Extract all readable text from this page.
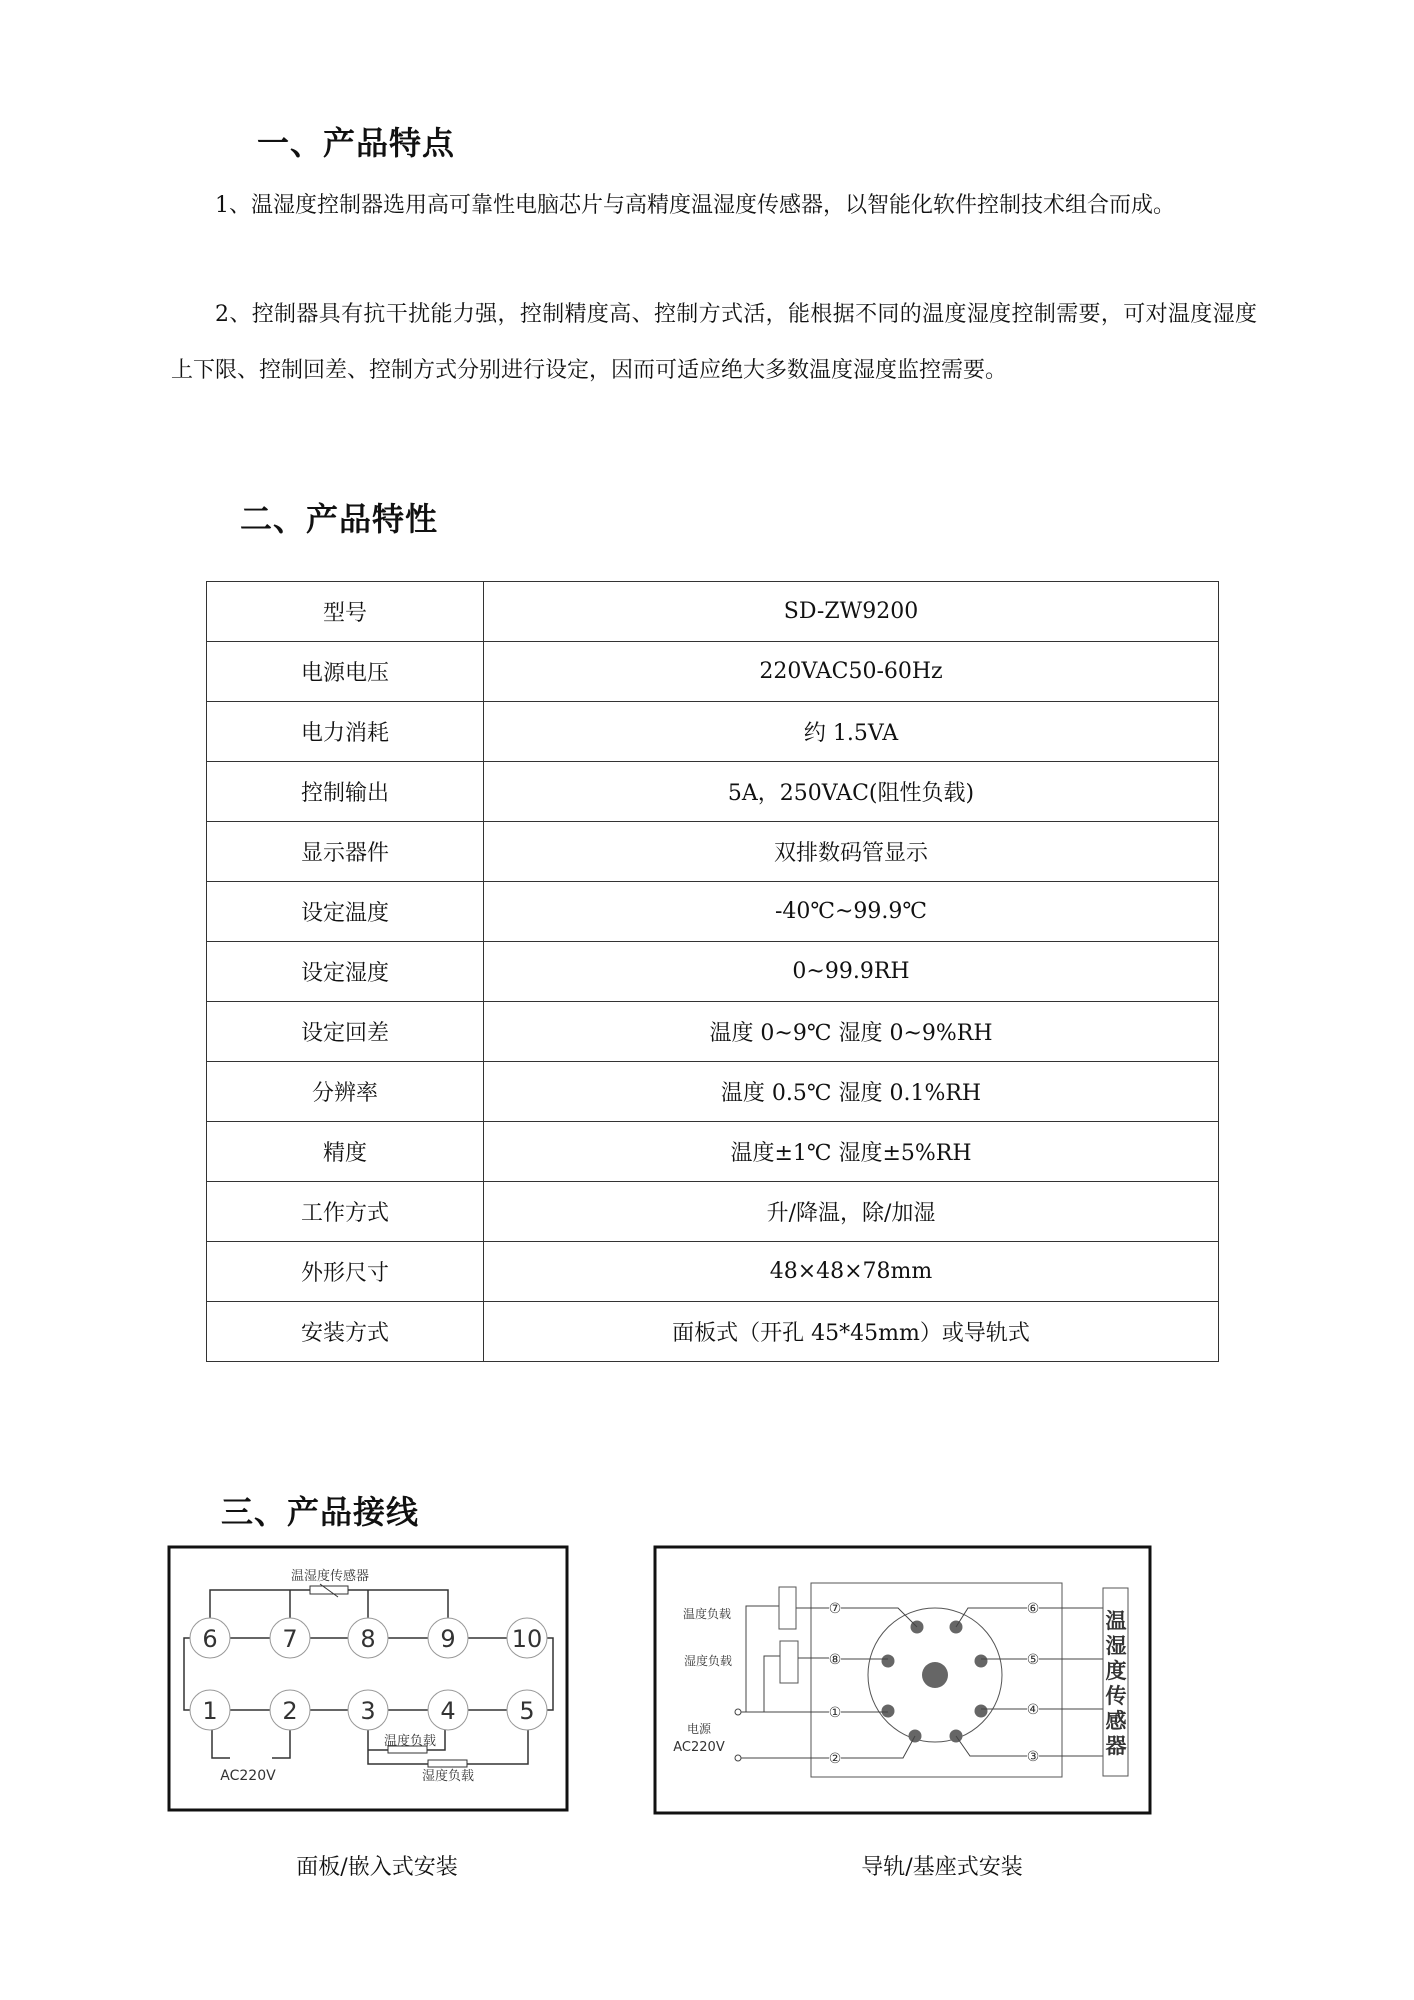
一、产品特点
1、温湿度控制器选用高可靠性电脑芯片与高精度温湿度传感器，以智能化软件控制技术组合而成。
2、控制器具有抗干扰能力强，控制精度高、控制方式活，能根据不同的温度湿度控制需要，可对温度湿度上下限、控制回差、控制方式分别进行设定，因而可适应绝大多数温度湿度监控需要。
二、产品特性
型号	SD-ZW9200
电源电压	220VAC50-60Hz
电力消耗	约 1.5VA
控制输出	5A，250VAC(阻性负载)
显示器件	双排数码管显示
设定温度	-40℃~99.9℃
设定湿度	0~99.9RH
设定回差	温度 0~9℃ 湿度 0~9%RH
分辨率	温度 0.5℃ 湿度 0.1%RH
精度	温度±1℃ 湿度±5%RH
工作方式	升/降温，除/加湿
外形尺寸	48×48×78mm
安装方式	面板式（开孔 45*45mm）或导轨式
三、产品接线
6	7	8	9 10
1	2	3	4	5
温湿度传感器
温度负载
湿度负载
AC220V
⑦
⑧
①
②
⑥
⑤
④
③
温
湿
度
传
感
器
温度负载
湿度负载
电源
AC220V
面板/嵌入式安装	导轨/基座式安装
